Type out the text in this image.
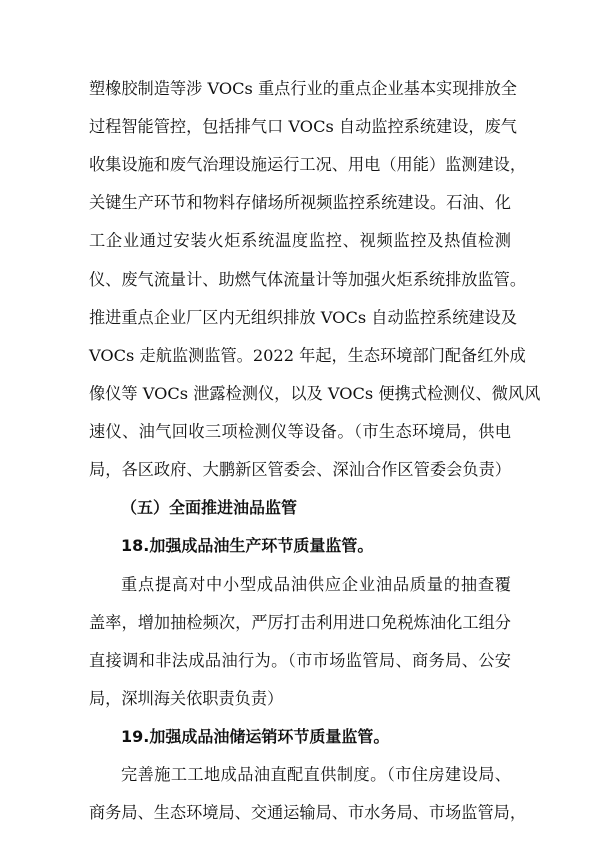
塑橡胶制造等涉 VOCs 重点行业的重点企业基本实现排放全
过程智能管控，包括排气口 VOCs 自动监控系统建设，废气
收集设施和废气治理设施运行工况、用电（用能）监测建设，
关键生产环节和物料存储场所视频监控系统建设。石油、化
工企业通过安装火炬系统温度监控、视频监控及热值检测
仪、废气流量计、助燃气体流量计等加强火炬系统排放监管。
推进重点企业厂区内无组织排放 VOCs 自动监控系统建设及
VOCs 走航监测监管。2022 年起，生态环境部门配备红外成
像仪等 VOCs 泄露检测仪，以及 VOCs 便携式检测仪、微风风
速仪、油气回收三项检测仪等设备。（市生态环境局，供电
局，各区政府、大鹏新区管委会、深汕合作区管委会负责）
（五）全面推进油品监管
18.加强成品油生产环节质量监管。
重点提高对中小型成品油供应企业油品质量的抽查覆
盖率，增加抽检频次，严厉打击利用进口免税炼油化工组分
直接调和非法成品油行为。（市市场监管局、商务局、公安
局，深圳海关依职责负责）
19.加强成品油储运销环节质量监管。
完善施工工地成品油直配直供制度。（市住房建设局、
商务局、生态环境局、交通运输局、市水务局、市场监管局，
